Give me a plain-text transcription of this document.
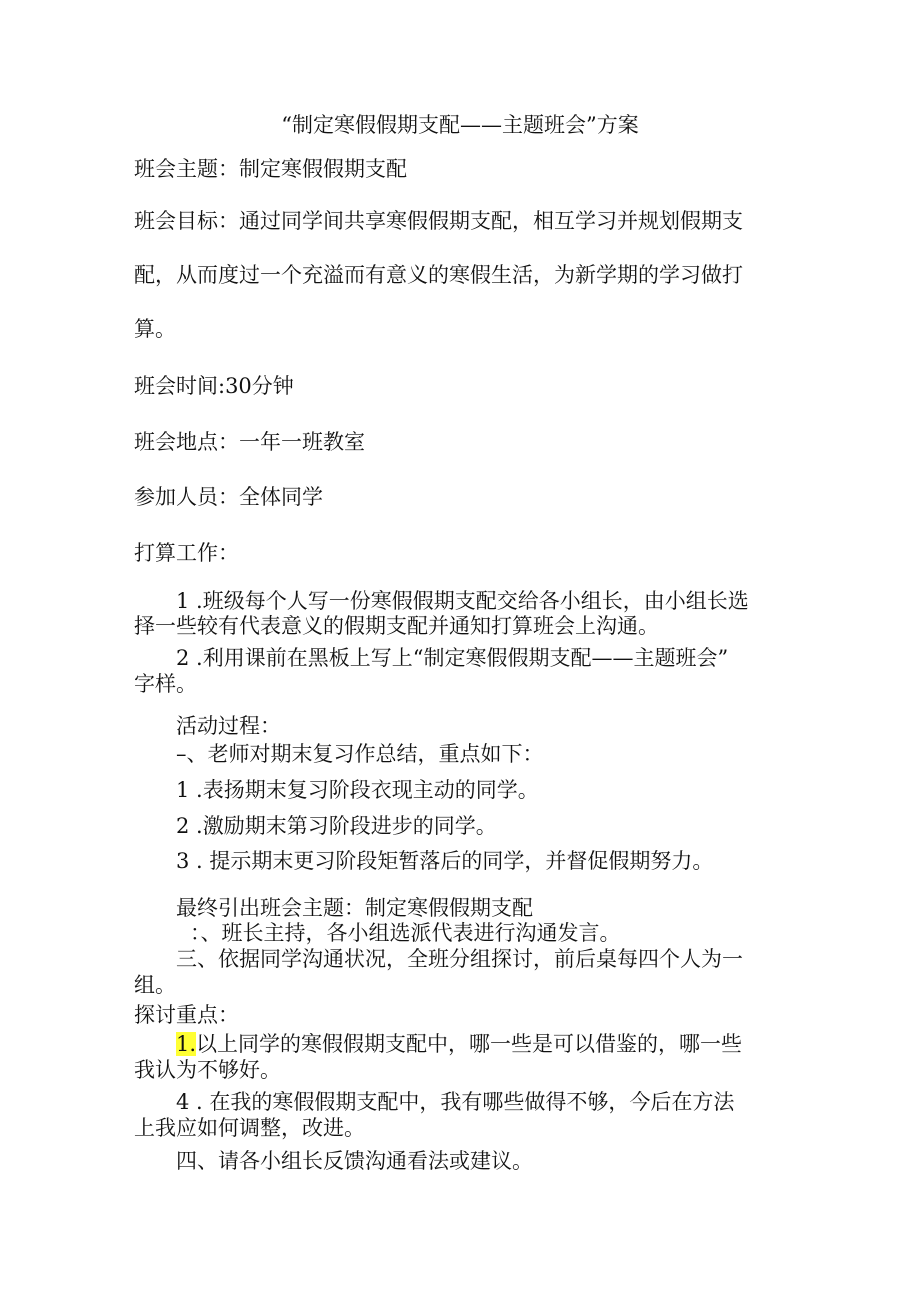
“制定寒假假期支配——主题班会”方案
班会主题：制定寒假假期支配
班会目标：通过同学间共享寒假假期支配，相互学习并规划假期支
配，从而度过一个充溢而有意义的寒假生活，为新学期的学习做打
算。
班会时间:30分钟
班会地点：一年一班教室
参加人员：全体同学
打算工作：
1 .班级每个人写一份寒假假期支配交给各小组长，由小组长选
择一些较有代表意义的假期支配并通知打算班会上沟通。
2 .利用课前在黑板上写上“制定寒假假期支配——主题班会”
字样。
活动过程：
–、老师对期末复习作总结，重点如下：
1 .表扬期末复习阶段衣现主动的同学。
2 .激励期末第习阶段进步的同学。
3 . 提示期末更习阶段矩暂落后的同学，并督促假期努力。
最终引出班会主题：制定寒假假期支配
：、班长主持，各小组选派代表进行沟通发言。
三、依据同学沟通状况，全班分组探讨，前后桌每四个人为一
组。
探讨重点：
1.以上同学的寒假假期支配中，哪一些是可以借鉴的，哪一些
我认为不够好。
4 . 在我的寒假假期支配中，我有哪些做得不够，今后在方法
上我应如何调整，改进。
四、请各小组长反馈沟通看法或建议。
